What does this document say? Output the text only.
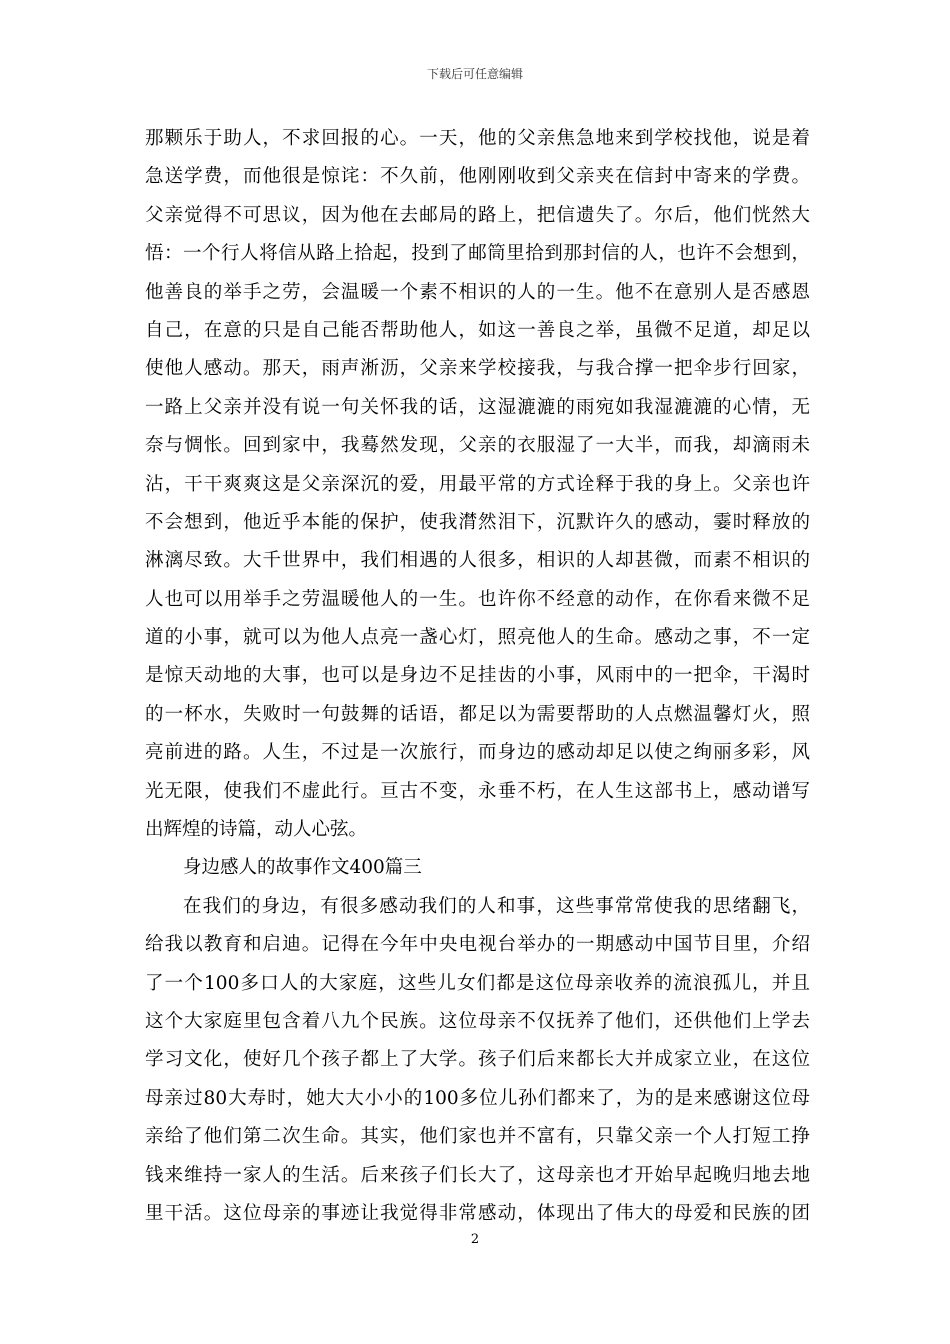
下载后可任意编辑
那颗乐于助人，不求回报的心。一天，他的父亲焦急地来到学校找他，说是着
急送学费，而他很是惊诧：不久前，他刚刚收到父亲夹在信封中寄来的学费。
父亲觉得不可思议，因为他在去邮局的路上，把信遗失了。尔后，他们恍然大
悟：一个行人将信从路上拾起，投到了邮筒里拾到那封信的人，也许不会想到，
他善良的举手之劳，会温暖一个素不相识的人的一生。他不在意别人是否感恩
自己，在意的只是自己能否帮助他人，如这一善良之举，虽微不足道，却足以
使他人感动。那天，雨声淅沥，父亲来学校接我，与我合撑一把伞步行回家，
一路上父亲并没有说一句关怀我的话，这湿漉漉的雨宛如我湿漉漉的心情，无
奈与惆怅。回到家中，我蓦然发现，父亲的衣服湿了一大半，而我，却滴雨未
沾，干干爽爽这是父亲深沉的爱，用最平常的方式诠释于我的身上。父亲也许
不会想到，他近乎本能的保护，使我潸然泪下，沉默许久的感动，霎时释放的
淋漓尽致。大千世界中，我们相遇的人很多，相识的人却甚微，而素不相识的
人也可以用举手之劳温暖他人的一生。也许你不经意的动作，在你看来微不足
道的小事，就可以为他人点亮一盏心灯，照亮他人的生命。感动之事，不一定
是惊天动地的大事，也可以是身边不足挂齿的小事，风雨中的一把伞，干渴时
的一杯水，失败时一句鼓舞的话语，都足以为需要帮助的人点燃温馨灯火，照
亮前进的路。人生，不过是一次旅行，而身边的感动却足以使之绚丽多彩，风
光无限，使我们不虚此行。亘古不变，永垂不朽，在人生这部书上，感动谱写
出辉煌的诗篇，动人心弦。
身边感人的故事作文400篇三
在我们的身边，有很多感动我们的人和事，这些事常常使我的思绪翻飞，
给我以教育和启迪。记得在今年中央电视台举办的一期感动中国节目里，介绍
了一个100多口人的大家庭，这些儿女们都是这位母亲收养的流浪孤儿，并且
这个大家庭里包含着八九个民族。这位母亲不仅抚养了他们，还供他们上学去
学习文化，使好几个孩子都上了大学。孩子们后来都长大并成家立业，在这位
母亲过80大寿时，她大大小小的100多位儿孙们都来了，为的是来感谢这位母
亲给了他们第二次生命。其实，他们家也并不富有，只靠父亲一个人打短工挣
钱来维持一家人的生活。后来孩子们长大了，这母亲也才开始早起晚归地去地
里干活。这位母亲的事迹让我觉得非常感动，体现出了伟大的母爱和民族的团
2
